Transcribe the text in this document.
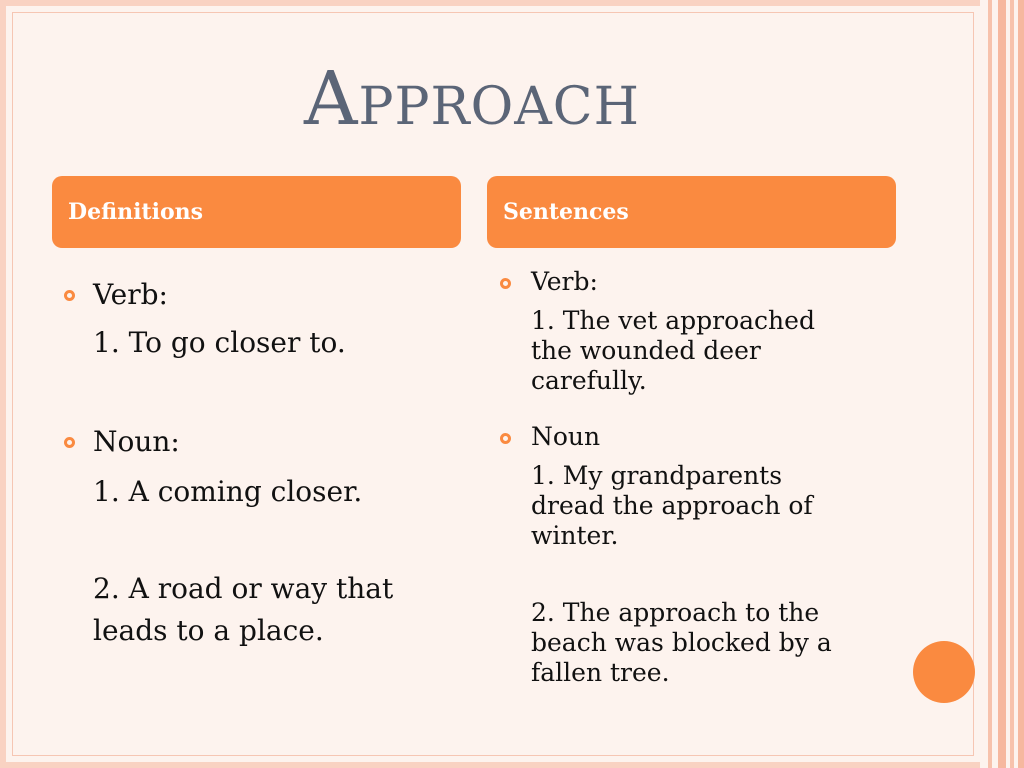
Approach
Definitions	Sentences
Verb:
1. To go closer to.
Noun:
1. A coming closer.
2. A road or way that
leads to a place.
Verb:
1. The vet approached
the wounded deer
carefully.
Noun
1. My grandparents
dread the approach of
winter.
2. The approach to the
beach was blocked by a
fallen tree.
